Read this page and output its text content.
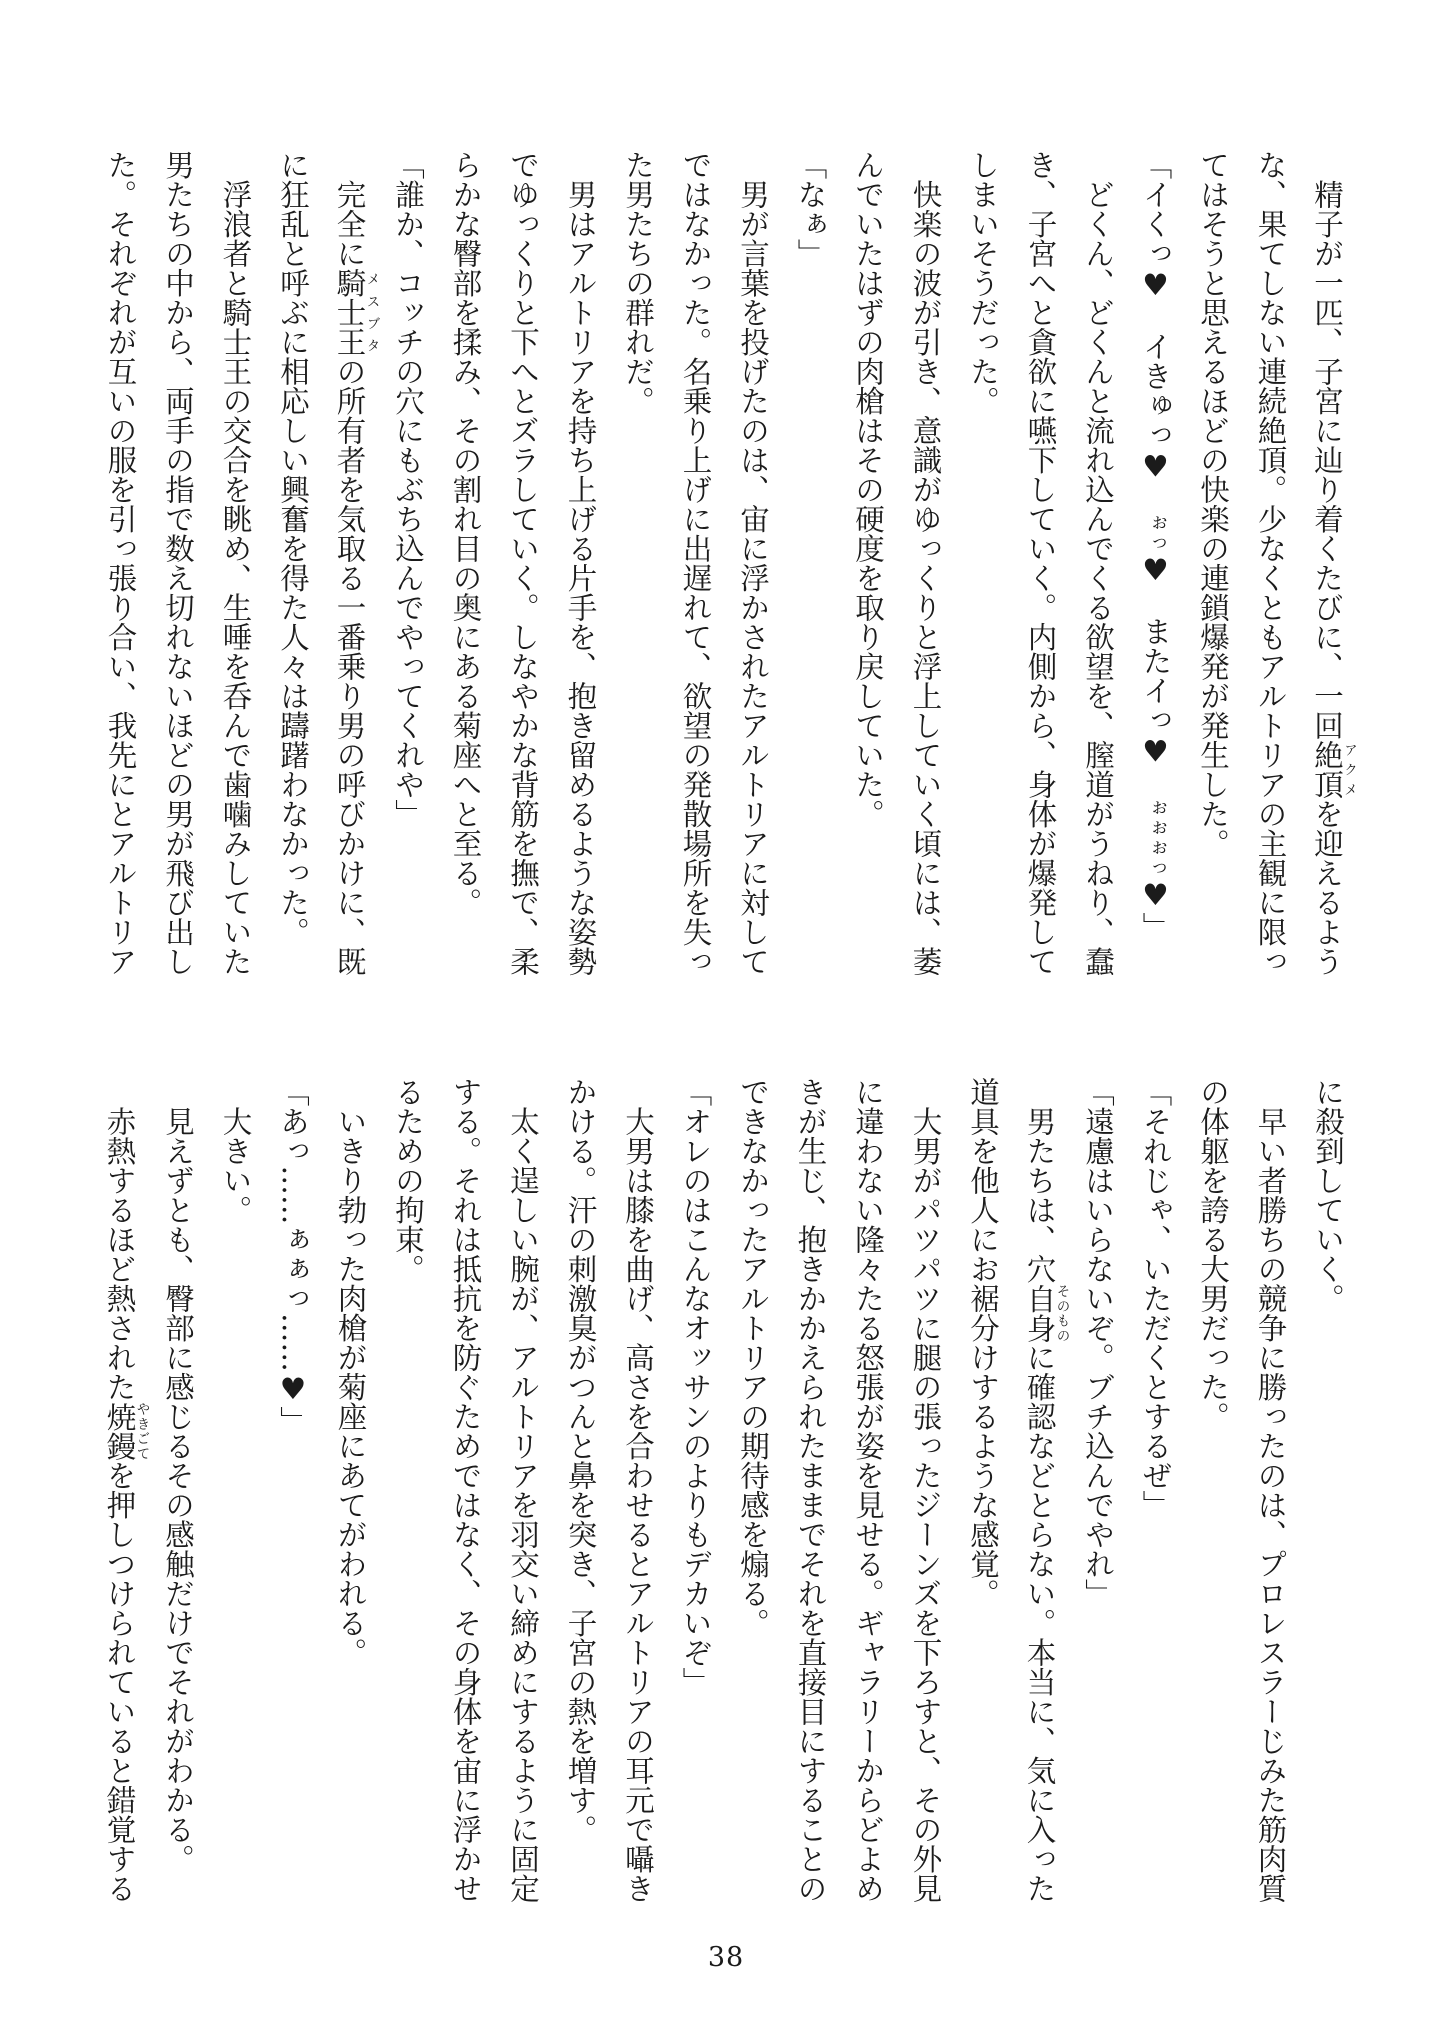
　精子が一匹、子宮に辿り着くたびに、一回絶頂アクメを迎えるよう
な、果てしない連続絶頂。少なくともアルトリアの主観に限っ
てはそうと思えるほどの快楽の連鎖爆発が発生した。
「イくっ♥　イきゅっ♥　ぉっ♥　またイっ♥　ぉぉぉっ♥」
　どくん、どくんと流れ込んでくる欲望を、膣道がうねり、蠢
き、子宮へと貪欲に嚥下していく。内側から、身体が爆発して
しまいそうだった。
　快楽の波が引き、意識がゆっくりと浮上していく頃には、萎
んでいたはずの肉槍はその硬度を取り戻していた。
「なぁ」
　男が言葉を投げたのは、宙に浮かされたアルトリアに対して
ではなかった。名乗り上げに出遅れて、欲望の発散場所を失っ
た男たちの群れだ。
　男はアルトリアを持ち上げる片手を、抱き留めるような姿勢
でゆっくりと下へとズラしていく。しなやかな背筋を撫で、柔
らかな臀部を揉み、その割れ目の奥にある菊座へと至る。
「誰か、コッチの穴にもぶち込んでやってくれや」
　完全に騎士王メスブタの所有者を気取る一番乗り男の呼びかけに、既
に狂乱と呼ぶに相応しい興奮を得た人々は躊躇わなかった。
　浮浪者と騎士王の交合を眺め、生唾を呑んで歯噛みしていた
男たちの中から、両手の指で数え切れないほどの男が飛び出し
た。それぞれが互いの服を引っ張り合い、我先にとアルトリア
に殺到していく。
　早い者勝ちの競争に勝ったのは、プロレスラーじみた筋肉質
の体躯を誇る大男だった。
「それじゃ、いただくとするぜ」
「遠慮はいらないぞ。ブチ込んでやれ」
　男たちは、穴自身そのものに確認などとらない。本当に、気に入った
道具を他人にお裾分けするような感覚。
　大男がパツパツに腿の張ったジーンズを下ろすと、その外見
に違わない隆々たる怒張が姿を見せる。ギャラリーからどよめ
きが生じ、抱きかかえられたままでそれを直接目にすることの
できなかったアルトリアの期待感を煽る。
「オレのはこんなオッサンのよりもデカいぞ」
　大男は膝を曲げ、高さを合わせるとアルトリアの耳元で囁き
かける。汗の刺激臭がつんと鼻を突き、子宮の熱を増す。
　太く逞しい腕が、アルトリアを羽交い締めにするように固定
する。それは抵抗を防ぐためではなく、その身体を宙に浮かせ
るための拘束。
　いきり勃った肉槍が菊座にあてがわれる。
「あっ……ぁぁっ……♥」
　大きい。
　見えずとも、臀部に感じるその感触だけでそれがわかる。
　赤熱するほど熱された焼鏝やきごてを押しつけられていると錯覚する
38
